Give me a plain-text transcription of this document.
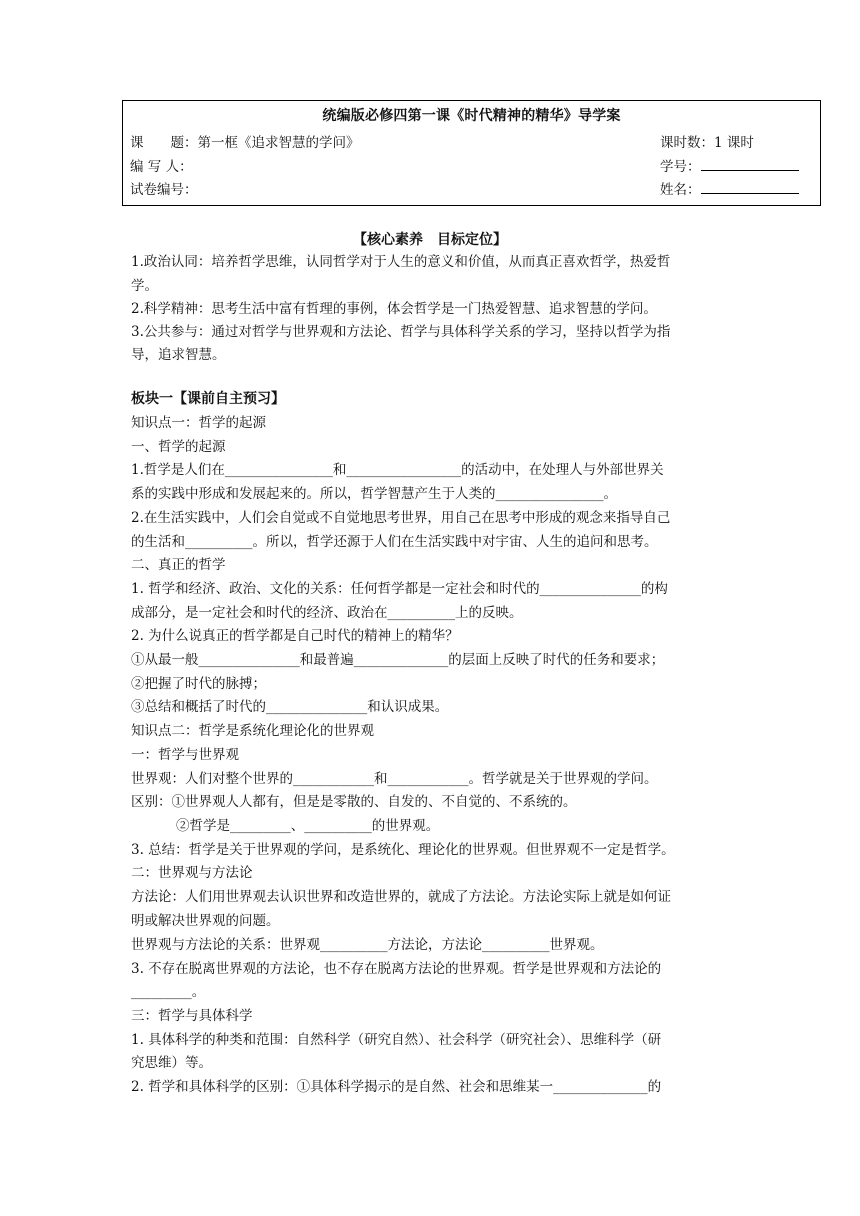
统编版必修四第一课《时代精神的精华》导学案
课　　题：第一框《追求智慧的学问》
编 写 人：
试卷编号：
课时数：1 课时
学号：
姓名：
【核心素养　目标定位】
1.政治认同：培养哲学思维，认同哲学对于人生的意义和价值，从而真正喜欢哲学，热爱哲
学。
2.科学精神：思考生活中富有哲理的事例，体会哲学是一门热爱智慧、追求智慧的学问。
3.公共参与：通过对哲学与世界观和方法论、哲学与具体科学关系的学习，坚持以哲学为指
导，追求智慧。
板块一【课前自主预习】
知识点一：哲学的起源
一、哲学的起源
1.哲学是人们在________________和_________________的活动中，在处理人与外部世界关
系的实践中形成和发展起来的。所以，哲学智慧产生于人类的________________。
2.在生活实践中，人们会自觉或不自觉地思考世界，用自己在思考中形成的观念来指导自己
的生活和__________。所以，哲学还源于人们在生活实践中对宇宙、人生的追问和思考。
二、真正的哲学
1. 哲学和经济、政治、文化的关系：任何哲学都是一定社会和时代的_______________的构
成部分，是一定社会和时代的经济、政治在__________上的反映。
2. 为什么说真正的哲学都是自己时代的精神上的精华？
①从最一般_______________和最普遍______________的层面上反映了时代的任务和要求；
②把握了时代的脉搏；
③总结和概括了时代的_______________和认识成果。
知识点二：哲学是系统化理论化的世界观
一：哲学与世界观
世界观：人们对整个世界的____________和____________。哲学就是关于世界观的学问。
区别：①世界观人人都有，但是是零散的、自发的、不自觉的、不系统的。
②哲学是_________、__________的世界观。
3. 总结：哲学是关于世界观的学问，是系统化、理论化的世界观。但世界观不一定是哲学。
二：世界观与方法论
方法论：人们用世界观去认识世界和改造世界的，就成了方法论。方法论实际上就是如何证
明或解决世界观的问题。
世界观与方法论的关系：世界观__________方法论，方法论__________世界观。
3. 不存在脱离世界观的方法论，也不存在脱离方法论的世界观。哲学是世界观和方法论的
_________。
三：哲学与具体科学
1. 具体科学的种类和范围：自然科学（研究自然）、社会科学（研究社会）、思维科学（研
究思维）等。
2. 哲学和具体科学的区别：①具体科学揭示的是自然、社会和思维某一______________的
